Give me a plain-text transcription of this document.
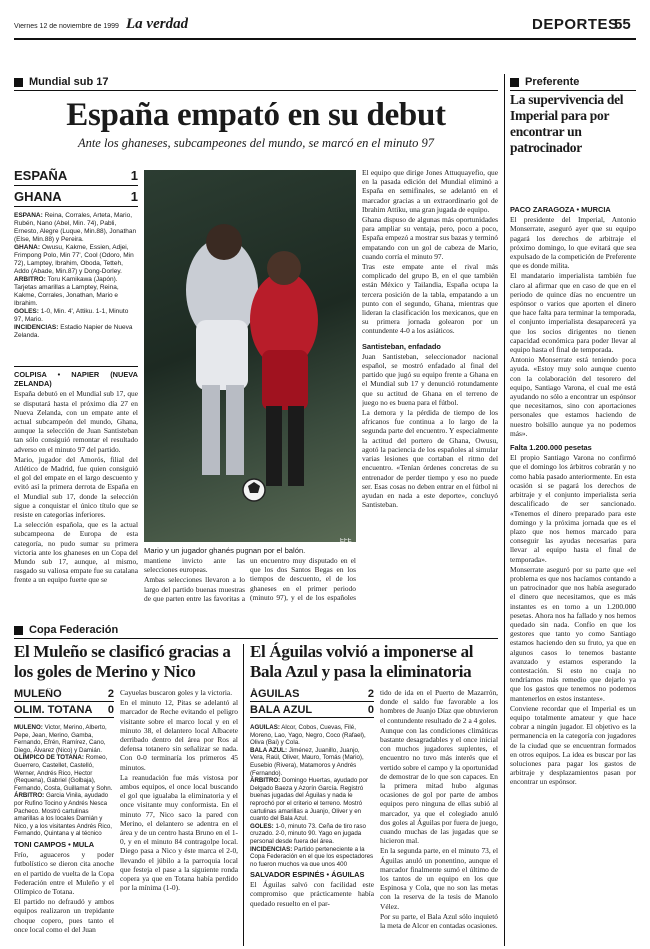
Viernes 12 de noviembre de 1999 La verdad	DEPORTES
55
Mundial sub 17
España empató en su debut
Ante los ghaneses, subcampeones del mundo, se marcó en el minuto 97
ESPAÑA	1
GHANA	1

ESPAÑA: Reina, Corrales, Arteta, Mario, Rubén, Nano (Abel, Min. 74), Pabli, Ernesto, Alegre (Luque, Min.88), Jonathan (Else, Min.88) y Pereira.

GHANA: Owusu, Kakme, Essien, Adjei, Frimpong Polo, Min 77', Cool (Odoro, Min 72), Lamptey, Ibrahim, Oboda, Tetteh, Addo (Abade, Min.87) y Dong-Dorley.

ARBITRO: Toru Kamikawa (Japón). Tarjetas amarillas a Lamptey, Reina, Kakme, Corrales, Jonathan, Mario e Ibrahim.

GOLES: 1-0, Min. 4', Attiku. 1-1, Minuto 97, Mario.

INCIDENCIAS: Estadio Napier de Nueva Zelanda.

COLPISA • NAPIER (NUEVA ZELANDA)

España debutó en el Mundial sub 17, que se disputará hasta el próximo día 27 en Nueva Zelanda, con un empate ante el actual subcampeón del mundo, Ghana, aunque la selección de Juan Santisteban tan sólo consiguió remontar el resultado adverso en el minuto 97 del partido.

Mario, jugador del Amorós, filial del Atlético de Madrid, fue quien consiguió el gol del empate en el largo descuento y evitó así la primera derrota de España en el Mundial sub 17, donde la selección sigue a conquistar el único título que se resiste en categorías inferiores.

La selección española, que es la actual subcampeona de Europa de esta categoría, no pudo sumar su primera victoria ante los ghaneses en un Copa del Mundo sub 17, aunque, al mismo, rasgado su valiosa empate fue su catalana frente a un equipo fuerte que se

EFE
Mario y un jugador ghanés pugnan por el balón.

mantiene invicto ante las selecciones europeas.

Ambas selecciones llevaron a lo largo del partido buenas muestras de que parten entre las favoritas a

un encuentro muy disputado en el que los dos Santos Begas en los tiempos de descuento, el de los ghaneses en el primer periodo (minuto 97), y el de los españoles

El equipo que dirige Jones Attuquayefio, que en la pasada edición del Mundial eliminó a España en semifinales, se adelantó en el marcador gracias a un extraordinario gol de Ibrahim Attiku, una gran jugada de equipo.

Ghana dispuso de algunas más oportunidades para ampliar su ventaja, pero, poco a poco, España empezó a mostrar sus bazas y terminó empatando con un gol de cabeza de Mario, cuando corría el minuto 97.

Tras este empate ante el rival más complicado del grupo B, en el que también están México y Tailandia, España ocupa la tercera posición de la tabla, empatando a un punto con el segundo, Ghana, mientras que lideran la clasificación los mexicanos, que en su primera jornada golearon por un contundente 4-0 a los asiáticos.

Santisteban, enfadado

Juan Santisteban, seleccionador nacional español, se mostró enfadado al final del partido que jugó su equipo frente a Ghana en el Mundial sub 17 y denunció rotundamente que su actitud de Ghana en el terreno de juego no es buena para el fútbol.

La demora y la pérdida de tiempo de los africanos fue continua a lo largo de la segunda parte del encuentro. Y especialmente la actitud del portero de Ghana, Owusu, agotó la paciencia de los españoles al simular varias lesiones que cortaban el ritmo del encuentro. «Tenían órdenes concretas de su entrenador de perder tiempo y eso no puede ser. Esas cosas no deben entrar en el fútbol ni ayudan en nada a este deporte», concluyó Santisteban.

Preferente
La supervivencia del Imperial para por encontrar un patrocinador

PACO ZARAGOZA • MURCIA

El presidente del Imperial, Antonio Monserrate, aseguró ayer que su equipo pagará los derechos de arbitraje el próximo domingo, lo que evitará que sea expulsado de la competición de Preferente que es donde milita.

El mandatario imperialista también fue claro al afirmar que en caso de que en el periodo de quince días no encuentre un espónsor o varios que aporten el dinero que hace falta para terminar la temporada, el conjunto imperialista desaparecerá ya que los socios dirigentes no tienen capacidad económica para poder llevar al equipo hasta el final de temporada.

Antonio Monserrate está teniendo poca ayuda. «Estoy muy solo aunque cuento con la colaboración del tesorero del equipo, Santiago Varona, el cual me está ayudando no sólo a encontrar un espónsor que necesitamos, sino con aportaciones personales que estamos haciendo de nuestro bolsillo aunque ya no podemos más».

Falta 1.200.000 pesetas

El propio Santiago Varona no confirmó que el domingo los árbitros cobrarán y no como había pasado anteriormente. En esta ocasión si se pagará los derechos de arbitraje y el conjunto imperialista seria descalificado de ser sancionado. «Tenemos el dinero preparado para este domingo y la próxima jornada que es el plazo que nos hemos marcado para conseguir las ayudas necesarias para llevar al equipo hasta el final de temporada».

Monserrate aseguró por su parte que «el problema es que nos hacíamos contando a un patrocinador que nos había asegurado el dinero que necesitamos, que es más instantes es en torno a un 1.200.000 pesetas. Ahora nos ha fallado y nos hemos quedado sin nada. Confío en que los gestores que tanto yo como Santiago estamos haciendo den su fruto, ya que en algunos casos lo tenemos bastante avanzado y estamos esperando la contestación. Si esto no cuaja no tendríamos más remedio que dejarlo ya que los gastos que tenemos no podemos mantenerlos en estos instantes».

Conviene recordar que el Imperial es un equipo totalmente amateur y que hace cobrar a ningún jugador. El objetivo es la permanencia en la categoría con jugadores de la ciudad que se encuentran formados en otros equipos. La idea es buscar por las soluciones para pagar los gastos de arbitraje y desplazamientos pasan por encontrar un espónsor.

Copa Federación
El Muleño se clasificó gracias a los goles de Merino y Nico
MULEÑO	2
OLIM. TOTANA 0

MULEÑO: Victor, Merino, Alberto, Pepe, Jean, Merino, Gamba, Fernando, Efrén, Ramírez, Cano, Diego, Álvarez (Nico) y Damián.

OLÍMPICO DE TOTANA: Romeo, Guerrero, Castellet, Castelló, Werner, Andrés Rico, Hector (Requena), Gabriel (Golbaja), Fernando, Costa, Guillamat y Sohn.

ÁRBITRO: Garcia Vinila, ayudado por Rufino Tocino y Andrés Nesca Pacheco. Mostró cartulinas amarillas a los locales Damián y Nico, y a los visitantes Andrés Rico, Fernando, Quintana y al técnico

TONI CAMPOS • MULA

Frío, aguaceros y poder futbolístico se dieron cita anoche en el partido de vuelta de la Copa Federación entre el Muleño y el Olímpico de Totana.

El partido no defraudó y ambos equipos realizaron un trepidante choque copero, pues tanto el once local como el del Juan

Cayuelas buscaron goles y la victoria.

En el minuto 12, Pitas se adelantó al marcador de Reche evitando el peligro visitante sobre el marco local y en el minuto 38, el delantero local Albacete derribado dentro del área por Ros al defensa totanero sin señalizar se nada. Con 0-0 terminaría los primeros 45 minutos.

La reanudación fue más vistosa por ambos equipos, el once local buscando el gol que igualaba la eliminatoria y el once visitante muy conformista. En el minuto 77, Nico saco la pared con Merino, el delantero se adentra en el área y de un centro hasta Bruno en el 1-0, y en el minuto 84 contragolpe local. Diego pasa a Nico y éste marca el 2-0, llevando el júbilo a la parroquia local que festeja el pase a la siguiente ronda copera ya que en Totana había perdido por la mínima (1-0).

El Águilas volvió a imponerse al Bala Azul y pasa la eliminatoria
ÁGUILAS	2
BALA AZUL	0

ÁGUILAS: Alcor, Cobos, Cuevas, Filé, Moreno, Lao, Yago, Negro, Coco (Rafael), Oliva (Bai) y Cola.

BALA AZUL: Jiménez, Juanillo, Juanjo, Vera, Raúl, Oliver, Mauro, Tomás (Mario), Eusebio (Rivera), Matamoros y Andrés (Fernando).

ÁRBITRO: Domingo Huertas, ayudado por Delgado Baeza y Azorín García. Registró buenas jugadas del Águilas y nada le reprochó por el criterio el terreno. Mostró cartulinas amarillas a Juanjo, Oliver y en cuanto del Bala Azul.

GOLES: 1-0, minuto 73. Ceña de tiro raso cruzado. 2-0, minuto 90. Yago en jugada personal desde fuera del área.

INCIDENCIAS: Partido perteneciente a la Copa Federación en el que los espectadores no fueron muchos ya que unos 400

SALVADOR ESPINÉS • ÁGUILAS

El Águilas salvó con facilidad este compromiso que prácticamente había quedado resuelto en el par-

tido de ida en el Puerto de Mazarrón, donde el saldo fue favorable a los hombres de Juanjo Díaz que obtuvieron el contundente resultado de 2 a 4 goles.

Aunque con las condiciones climáticas bastante desagradables y el once inicial con muchos jugadores suplentes, el encuentro no tuvo más interés que el vertido sobre el campo y la oportunidad de demostrar de lo que son capaces. En la primera mitad hubo algunas ocasiones de gol por parte de ambos equipos pero ninguna de ellas subió al marcador, ya que el colegiado anuló dos goles al Águilas por fuera de juego, cuando muchas de las jugadas que se hicieron mal.

En la segunda parte, en el minuto 73, el Águilas anuló un ponentino, aunque el marcador finalmente sumó el último de los tantos de un equipo en los que Espinosa y Cola, que no son las metas con la reserva de la tesis de Manolo Vélez.

Por su parte, el Bala Azul sólo inquietó la meta de Alcor en contadas ocasiones.
